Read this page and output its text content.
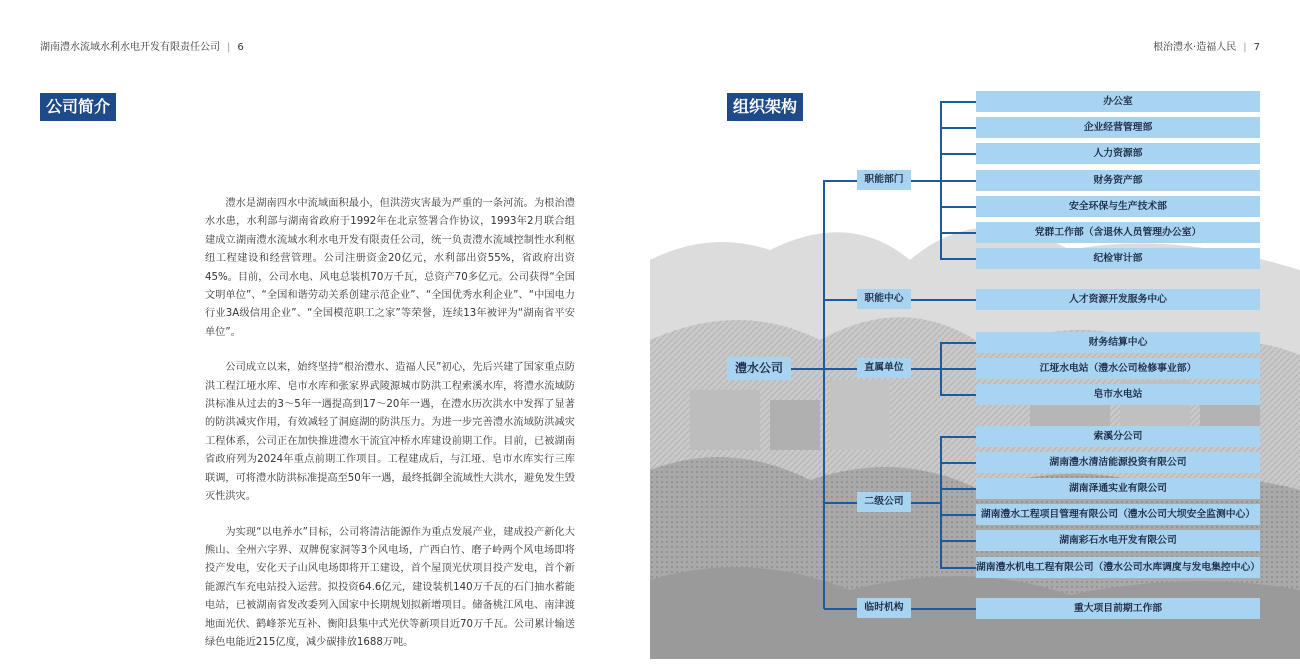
湖南澧水流域水利水电开发有限责任公司 | 6	根治澧水·造福人民 | 7
公司简介

澧水是湖南四水中流域面积最小，但洪涝灾害最为严重的一条河流。为根治澧水水患，水利部与湖南省政府于1992年在北京签署合作协议，1993年2月联合组建成立湖南澧水流域水利水电开发有限责任公司，统一负责澧水流域控制性水利枢纽工程建设和经营管理。公司注册资金20亿元，水利部出资55%，省政府出资45%。目前，公司水电、风电总装机70万千瓦，总资产70多亿元。公司获得“全国文明单位”、“全国和谐劳动关系创建示范企业”、“全国优秀水利企业”、“中国电力行业3A级信用企业”、“全国模范职工之家”等荣誉，连续13年被评为“湖南省平安单位”。

公司成立以来，始终坚持“根治澧水、造福人民”初心，先后兴建了国家重点防洪工程江垭水库、皂市水库和张家界武陵源城市防洪工程索溪水库，将澧水流域防洪标准从过去的3～5年一遇提高到17～20年一遇，在澧水历次洪水中发挥了显著的防洪减灾作用，有效减轻了洞庭湖的防洪压力。为进一步完善澧水流域防洪减灾工程体系，公司正在加快推进澧水干流宜冲桥水库建设前期工作。目前，已被湖南省政府列为2024年重点前期工作项目。工程建成后，与江垭、皂市水库实行三库联调，可将澧水防洪标准提高至50年一遇，最终抵御全流域性大洪水，避免发生毁灭性洪灾。

为实现“以电养水”目标，公司将清洁能源作为重点发展产业，建成投产新化大熊山、全州六字界、双牌倪家洞等3个风电场，广西白竹、磨子岭两个风电场即将投产发电，安化天子山风电场即将开工建设，首个屋顶光伏项目投产发电，首个新能源汽车充电站投入运营。拟投资64.6亿元，建设装机140万千瓦的石门抽水蓄能电站，已被湖南省发改委列入国家中长期规划拟新增项目。储备桃江风电、南津渡地面光伏、鹤峰茶光互补、衡阳县集中式光伏等新项目近70万千瓦。公司累计输送绿色电能近215亿度，减少碳排放1688万吨。

组织架构
澧水公司
职能部门
职能中心
直属单位
二级公司
临时机构
办公室
企业经营管理部
人力资源部
财务资产部
安全环保与生产技术部
党群工作部（含退休人员管理办公室）
纪检审计部
人才资源开发服务中心
财务结算中心
江垭水电站（澧水公司检修事业部）
皂市水电站
索溪分公司
湖南澧水清洁能源投资有限公司
湖南泽通实业有限公司
湖南澧水工程项目管理有限公司（澧水公司大坝安全监测中心）
湖南彩石水电开发有限公司
湖南澧水机电工程有限公司（澧水公司水库调度与发电集控中心）
重大项目前期工作部
